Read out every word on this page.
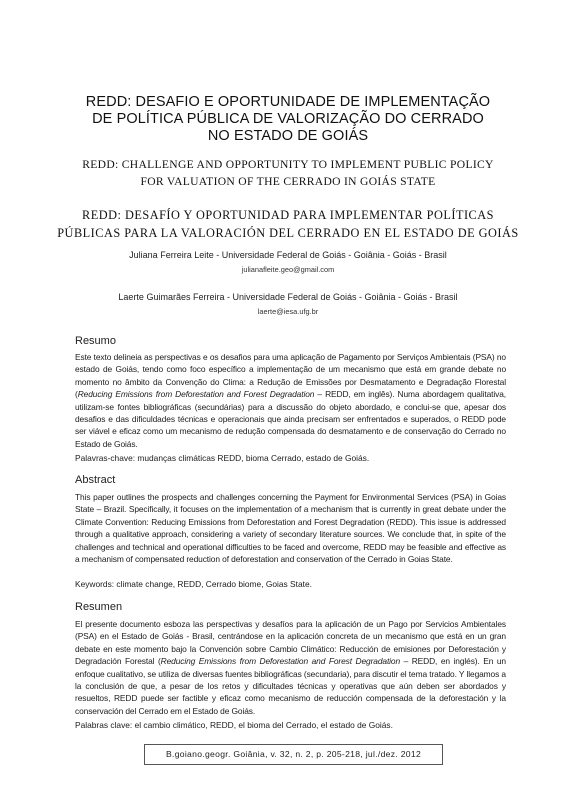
REDD: DESAFIO E OPORTUNIDADE DE IMPLEMENTAÇÃO
DE POLÍTICA PÚBLICA DE VALORIZAÇÃO DO CERRADO
NO ESTADO DE GOIÁS
REDD: CHALLENGE AND OPPORTUNITY TO IMPLEMENT PUBLIC POLICY
FOR VALUATION OF THE CERRADO IN GOIÁS STATE
REDD: DESAFÍO Y OPORTUNIDAD PARA IMPLEMENTAR POLÍTICAS
PÚBLICAS PARA LA VALORACIÓN DEL CERRADO EN EL ESTADO DE GOIÁS
Juliana Ferreira Leite - Universidade Federal de Goiás - Goiânia - Goiás - Brasil
julianafleite.geo@gmail.com
Laerte Guimarães Ferreira - Universidade Federal de Goiás - Goiânia - Goiás - Brasil
laerte@iesa.ufg.br
Resumo

Este texto delineia as perspectivas e os desafios para uma aplicação de Pagamento por Serviços Ambientais (PSA) no estado de Goiás, tendo como foco específico a implementação de um mecanismo que está em grande debate no momento no âmbito da Convenção do Clima: a Redução de Emissões por Desmatamento e Degradação Florestal (Reducing Emissions from Deforestation and Forest Degradation – REDD, em inglês). Numa abordagem qualitativa, utilizam-se fontes bibliográficas (secundárias) para a discussão do objeto abordado, e conclui-se que, apesar dos desafios e das dificuldades técnicas e operacionais que ainda precisam ser enfrentados e superados, o REDD pode ser viável e eficaz como um mecanismo de redução compensada do desmatamento e de conservação do Cerrado no Estado de Goiás.

Palavras-chave: mudanças climáticas REDD, bioma Cerrado, estado de Goiás.

Abstract

This paper outlines the prospects and challenges concerning the Payment for Environmental Services (PSA) in Goias State – Brazil. Specifically, it focuses on the implementation of a mechanism that is currently in great debate under the Climate Convention: Reducing Emissions from Deforestation and Forest Degradation (REDD). This issue is addressed through a qualitative approach, considering a variety of secondary literature sources. We conclude that, in spite of the challenges and technical and operational difficulties to be faced and overcome, REDD may be feasible and effective as a mechanism of compensated reduction of deforestation and conservation of the Cerrado in Goias State.

Keywords: climate change, REDD, Cerrado biome, Goias State.

Resumen

El presente documento esboza las perspectivas y desafíos para la aplicación de un Pago por Servicios Ambientales (PSA) en el Estado de Goiás - Brasil, centrándose en la aplicación concreta de un mecanismo que está en un gran debate en este momento bajo la Convención sobre Cambio Climático: Reducción de emisiones por Deforestación y Degradación Forestal (Reducing Emissions from Deforestation and Forest Degradation – REDD, en inglés). En un enfoque cualitativo, se utiliza de diversas fuentes bibliográficas (secundaria), para discutir el tema tratado. Y llegamos a la conclusión de que, a pesar de los retos y dificultades técnicas y operativas que aún deben ser abordados y resueltos, REDD puede ser factible y eficaz como mecanismo de reducción compensada de la deforestación y la conservación del Cerrado em el Estado de Goiás.

Palabras clave: el cambio climático, REDD, el bioma del Cerrado, el estado de Goiás.

B.goiano.geogr. Goiânia, v. 32, n. 2, p. 205-218, jul./dez. 2012
